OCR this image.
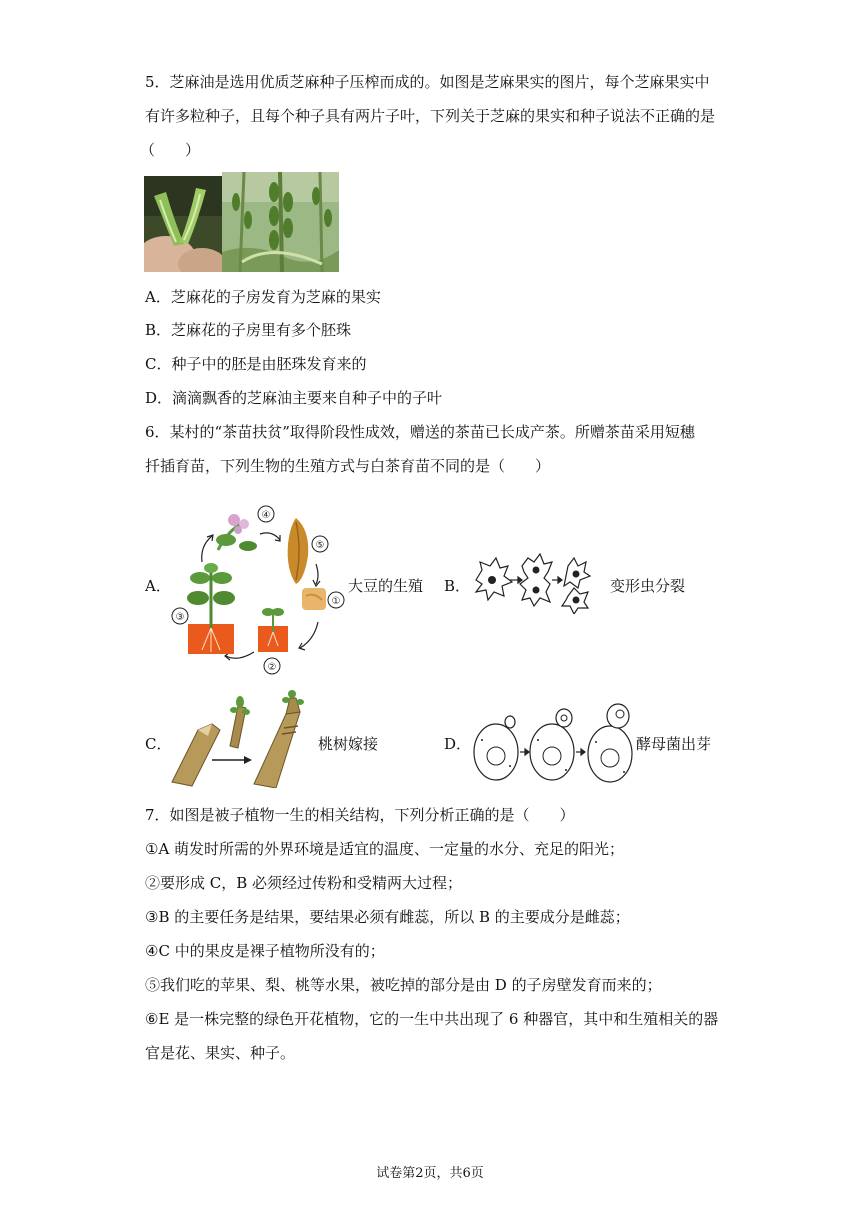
5．芝麻油是选用优质芝麻种子压榨而成的。如图是芝麻果实的图片，每个芝麻果实中
有许多粒种子，且每个种子具有两片子叶，下列关于芝麻的果实和种子说法不正确的是
（　　）
A．芝麻花的子房发育为芝麻的果实
B．芝麻花的子房里有多个胚珠
C．种子中的胚是由胚珠发育来的
D．滴滴飘香的芝麻油主要来自种子中的子叶
6．某村的“茶苗扶贫”取得阶段性成效，赠送的茶苗已长成产茶。所赠茶苗采用短穗
扦插育苗，下列生物的生殖方式与白茶育苗不同的是（　　）
A．
④
⑤
①
②
③
大豆的生殖 B．	变形虫分裂
C．	桃树嫁接	D．	酵母菌出芽
7．如图是被子植物一生的相关结构，下列分析正确的是（　　）
①A 萌发时所需的外界环境是适宜的温度、一定量的水分、充足的阳光；
②要形成 C，B 必须经过传粉和受精两大过程；
③B 的主要任务是结果，要结果必须有雌蕊，所以 B 的主要成分是雌蕊；
④C 中的果皮是裸子植物所没有的；
⑤我们吃的苹果、梨、桃等水果，被吃掉的部分是由 D 的子房壁发育而来的；
⑥E 是一株完整的绿色开花植物，它的一生中共出现了 6 种器官，其中和生殖相关的器
官是花、果实、种子。
试卷第2页，共6页
